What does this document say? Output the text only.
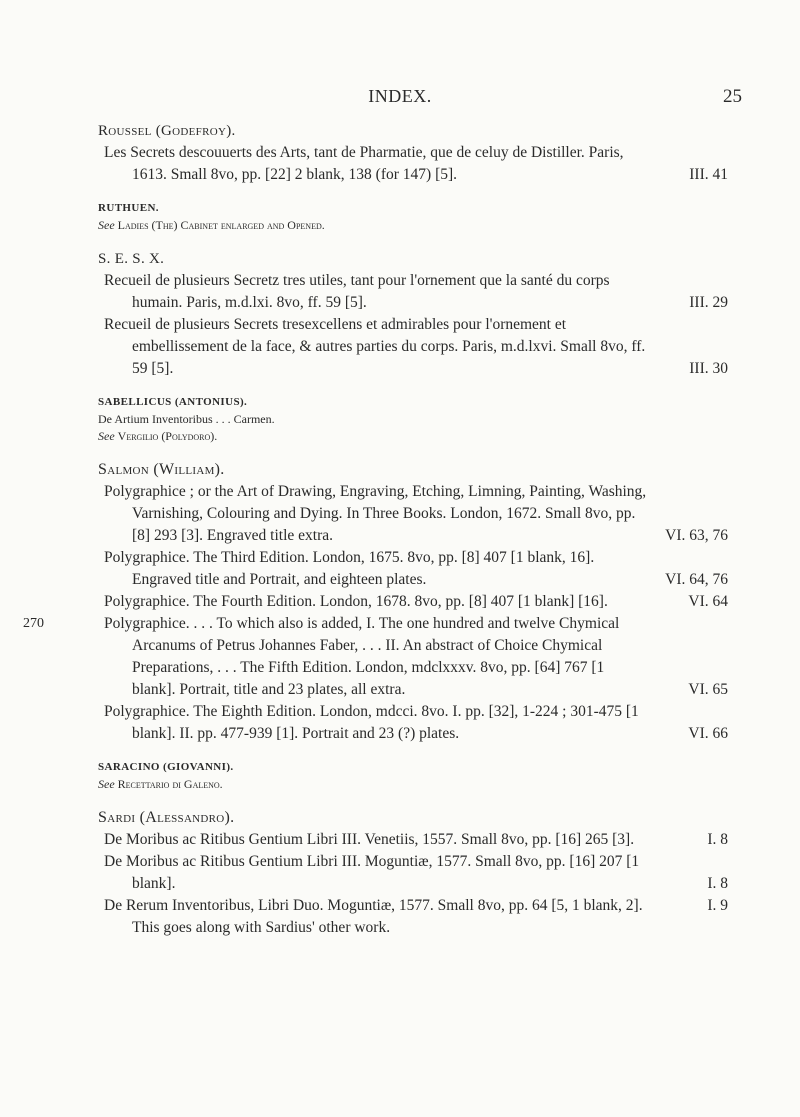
INDEX.	25
Roussel (Godefroy).
Les Secrets descouuerts des Arts, tant de Pharmatie, que de celuy de Distiller. Paris, 1613. Small 8vo, pp. [22] 2 blank, 138 (for 147) [5].	III. 41
RUTHUEN.
See Ladies (The) Cabinet enlarged and Opened.
S. E. S. X.
Recueil de plusieurs Secretz tres utiles, tant pour l'ornement que la santé du corps humain. Paris, m.d.lxi. 8vo, ff. 59 [5].	III. 29
Recueil de plusieurs Secrets tresexcellens et admirables pour l'ornement et embellissement de la face, & autres parties du corps. Paris, m.d.lxvi. Small 8vo, ff. 59 [5].	III. 30
SABELLICUS (ANTONIUS).
De Artium Inventoribus . . . Carmen.
See Vergilio (Polydoro).
Salmon (William).
Polygraphice ; or the Art of Drawing, Engraving, Etching, Limning, Painting, Washing, Varnishing, Colouring and Dying. In Three Books. London, 1672. Small 8vo, pp. [8] 293 [3]. Engraved title extra.	VI. 63, 76
Polygraphice. The Third Edition. London, 1675. 8vo, pp. [8] 407 [1 blank, 16]. Engraved title and Portrait, and eighteen plates.	VI. 64, 76
Polygraphice. The Fourth Edition. London, 1678. 8vo, pp. [8] 407 [1 blank] [16].	VI. 64
270	Polygraphice. . . . To which also is added, I. The one hundred and twelve Chymical Arcanums of Petrus Johannes Faber, . . . II. An abstract of Choice Chymical Preparations, . . . The Fifth Edition. London, mdclxxxv. 8vo, pp. [64] 767 [1 blank]. Portrait, title and 23 plates, all extra.	VI. 65
Polygraphice. The Eighth Edition. London, mdcci. 8vo. I. pp. [32], 1-224 ; 301-475 [1 blank]. II. pp. 477-939 [1]. Portrait and 23 (?) plates.	VI. 66
SARACINO (GIOVANNI).
See Recettario di Galeno.
Sardi (Alessandro).
De Moribus ac Ritibus Gentium Libri III. Venetiis, 1557. Small 8vo, pp. [16] 265 [3].	I. 8
De Moribus ac Ritibus Gentium Libri III. Moguntiæ, 1577. Small 8vo, pp. [16] 207 [1 blank].	I. 8
De Rerum Inventoribus, Libri Duo. Moguntiæ, 1577. Small 8vo, pp. 64 [5, 1 blank, 2].	I. 9
This goes along with Sardius' other work.
